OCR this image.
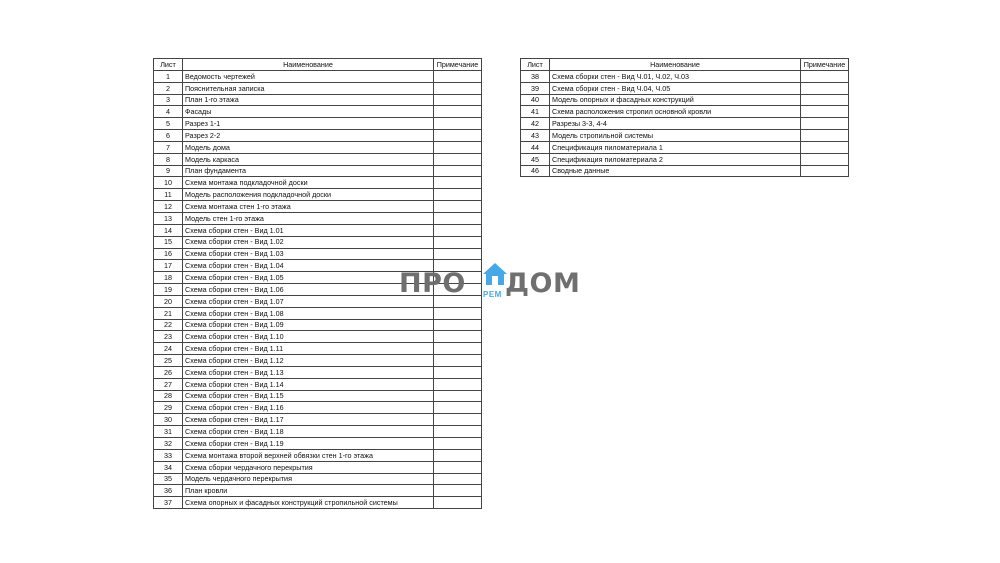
Лист	Наименование	Примечание
1	Ведомость чертежей	
2	Пояснительная записка	
3	План 1-го этажа	
4	Фасады	
5	Разрез 1-1	
6	Разрез 2-2	
7	Модель дома	
8	Модель каркаса	
9	План фундамента	
10	Схема монтажа подкладочной доски	
11	Модель расположения подкладочной доски	
12	Схема монтажа стен 1-го этажа	
13	Модель стен 1-го этажа	
14	Схема сборки стен - Вид 1.01	
15	Схема сборки стен - Вид 1.02	
16	Схема сборки стен - Вид 1.03	
17	Схема сборки стен - Вид 1.04	
18	Схема сборки стен - Вид 1.05	
19	Схема сборки стен - Вид 1.06	
20	Схема сборки стен - Вид 1.07	
21	Схема сборки стен - Вид 1.08	
22	Схема сборки стен - Вид 1.09	
23	Схема сборки стен - Вид 1.10	
24	Схема сборки стен - Вид 1.11	
25	Схема сборки стен - Вид 1.12	
26	Схема сборки стен - Вид 1.13	
27	Схема сборки стен - Вид 1.14	
28	Схема сборки стен - Вид 1.15	
29	Схема сборки стен - Вид 1.16	
30	Схема сборки стен - Вид 1.17	
31	Схема сборки стен - Вид 1.18	
32	Схема сборки стен - Вид 1.19	
33	Схема монтажа второй верхней обвязки стен 1-го этажа	
34	Схема сборки чердачного перекрытия	
35	Модель чердачного перекрытия	
36	План кровли	
37	Схема опорных и фасадных конструкций стропильной системы	
Лист	Наименование	Примечание
38	Схема сборки стен - Вид Ч.01, Ч.02, Ч.03	
39	Схема сборки стен - Вид Ч.04, Ч.05	
40	Модель опорных и фасадных конструкций	
41	Схема расположения стропил основной кровли	
42	Разрезы 3-3, 4-4	
43	Модель стропильной системы	
44	Спецификация пиломатериала 1	
45	Спецификация пиломатериала 2	
46	Сводные данные	
ПРО ДОМ
РЕМ
